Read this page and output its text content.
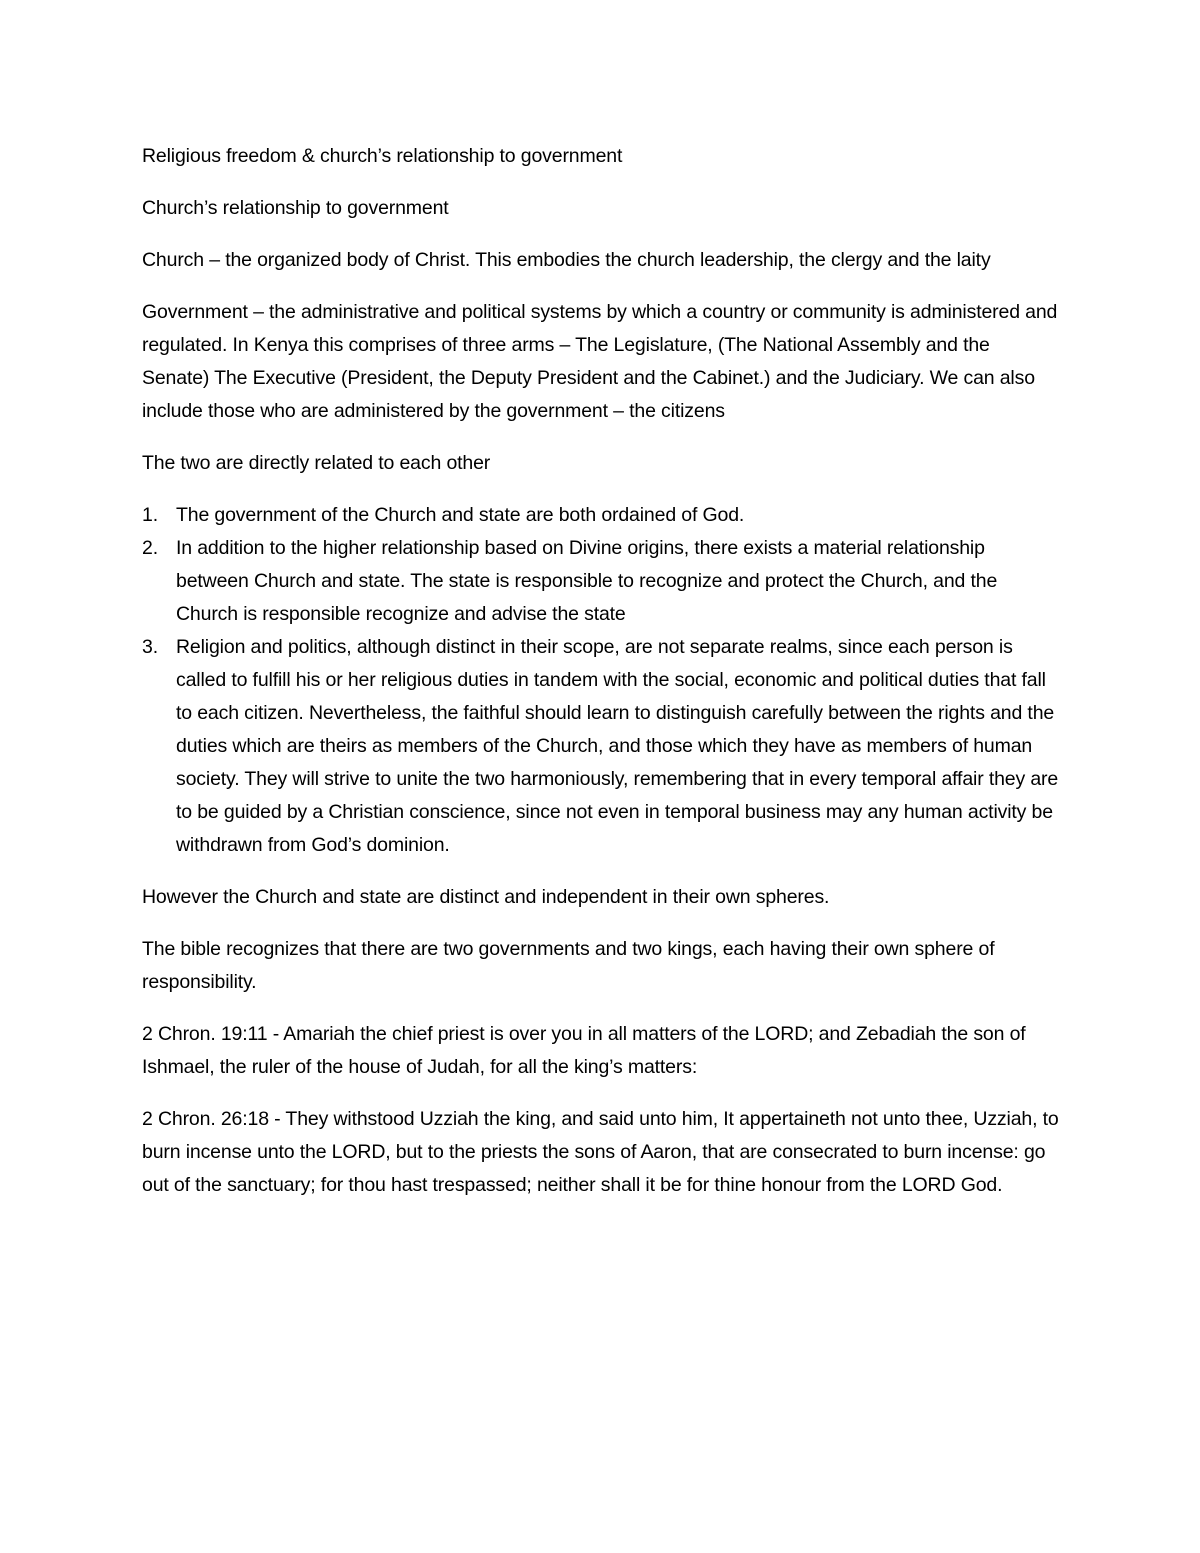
Religious freedom & church’s relationship to government

Church’s relationship to government

Church – the organized body of Christ. This embodies the church leadership, the clergy and the laity

Government – the administrative and political systems by which a country or community is administered and regulated. In Kenya this comprises of three arms – The Legislature, (The National Assembly and the Senate) The Executive (President, the Deputy President and the Cabinet.) and the Judiciary. We can also include those who are administered by the government – the citizens

The two are directly related to each other

1. The government of the Church and state are both ordained of God.
2. In addition to the higher relationship based on Divine origins, there exists a material relationship between Church and state. The state is responsible to recognize and protect the Church, and the Church is responsible recognize and advise the state
3. Religion and politics, although distinct in their scope, are not separate realms, since each person is called to fulfill his or her religious duties in tandem with the social, economic and political duties that fall to each citizen. Nevertheless, the faithful should learn to distinguish carefully between the rights and the duties which are theirs as members of the Church, and those which they have as members of human society. They will strive to unite the two harmoniously, remembering that in every temporal affair they are to be guided by a Christian conscience, since not even in temporal business may any human activity be withdrawn from God’s dominion.

However the Church and state are distinct and independent in their own spheres.

The bible recognizes that there are two governments and two kings, each having their own sphere of responsibility.

2 Chron. 19:11 - Amariah the chief priest is over you in all matters of the LORD; and Zebadiah the son of Ishmael, the ruler of the house of Judah, for all the king’s matters:

2 Chron. 26:18 - They withstood Uzziah the king, and said unto him, It appertaineth not unto thee, Uzziah, to burn incense unto the LORD, but to the priests the sons of Aaron, that are consecrated to burn incense: go out of the sanctuary; for thou hast trespassed; neither shall it be for thine honour from the LORD God.
